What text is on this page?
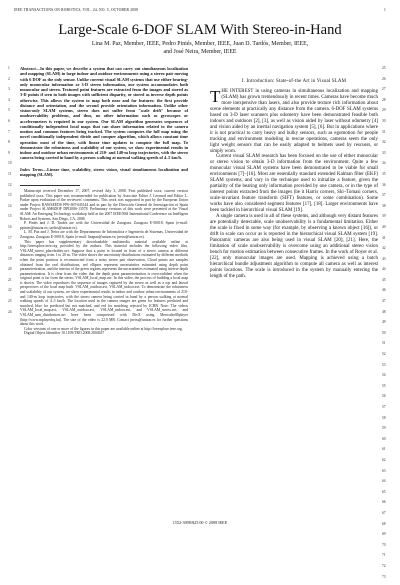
IEEE TRANSACTIONS ON ROBOTICS, VOL. 24, NO. 5, OCTOBER 2008	1
Large-Scale 6-DOF SLAM With Stereo-in-Hand
Lina M. Paz, Member, IEEE, Pedro Piniés, Member, IEEE, Juan D. Tardós, Member, IEEE,
and José Neira, Member, IEEE
1
2
3
4
5
6
7
8
9
10
11
12
13
14
15
16
17
18
19
20
21
22
23
24
25
26
27
28
29
30
31
32
33
34
35
36
37
38
39
40
41
42
43
44
45
46
47
48
49
50
51
52
53
54
55
56
57
58
59
60
61
62
63
64
65
66
67
68
69
70
71
72
73

Abstract—In this paper, we describe a system that can carry out simultaneous localization and mapping (SLAM) in large indoor and outdoor environments using a stereo pair moving with 6 DOF as the only sensor. Unlike current visual SLAM systems that use either bearing-only monocular information or 3-D stereo information, our system accommodates both monocular and stereo. Textured point features are extracted from the images and stored as 3-D points if seen in both images with sufficient disparity, or stored as inverse depth points otherwise. This allows the system to map both near and far features: the first provide distance and orientation, and the second provide orientation information. Unlike other vision-only SLAM systems, stereo does not suffer from "scale drift" because of unobservability problems, and thus, no other information such as gyroscopes or accelerometers is required in our system. Our SLAM algorithm generates sequences of conditionally independent local maps that can share information related to the camera motion and common features being tracked. The system computes the full map using the novel conditionally independent divide and conquer algorithm, which allows constant time operation most of the time, with linear time updates to compute the full map. To demonstrate the robustness and scalability of our system, we show experimental results in indoor and outdoor urban environments of 210- and 140-m loop trajectories, with the stereo camera being carried in hand by a person walking at normal walking speeds of 4–5 km/h.

Index Terms—Linear time, scalability, stereo vision, visual simultaneous localization and mapping (SLAM).

Manuscript received December 17, 2007; revised July 3, 2008. First published xxxx, current version published xxxx. This paper was recommended for publication by Associate Editor J. Leonard and Editor L. Parker upon evaluation of the reviewers' comments. This work was supported in part by the European Union under Project RAWSEEDS FP6-IST-045144 and in part by the Dirección General de Investigación of Spain under Project SLAM6DOF DPI2006-13578. Preliminary versions of this work were presented at the Visual SLAM: An Emerging Technology workshop held at the 2007 IEEE/RSJ International Conference on Intelligent Robots and Systems, San Diego, CA, 2008.

P. Piniés and J. D. Tardós are with the Universidad de Zaragoza, Zaragoza E-50018, Spain (e-mail: ppinies@unizar.es; tardos@unizar.es).

L. M. Paz and J. Neira are with the Departamento de Informática e Ingeniería de Sistemas, Universidad de Zaragoza, Zaragoza E-50018, Spain (e-mail: linapaz@unizar.es; jneira@unizar.es).

This paper has supplementary downloadable multimedia material available online at http://ieeexplore.ieee.org provided by the authors. This material includes the following video files. VSLAM_stereo_placeholder.avi: Suppose that a point is located in front of a stereo camera at different distances ranging from 1 to 20 m. The video shows the uncertainty distributions estimated by different methods when the point position is reconstructed from a noisy stereo pair observation. Cloud points are samples obtained from the real distributions, red ellipses represent uncertainties estimated using depth point parameterization, and the interior of the green regions represents the uncertainties estimated using inverse depth parameterization. It is clear from the video that the depth point parameterization is overconfident when the original point is far from the stereo. VSLAM_local_map.avi: In this video, the process of building a local map is shown. The video reproduces the sequence of images captured by the stereo as well as a top and lateral perspectives of the local map built. VSLAM_outdoor.avi, VSLAM_indoor.avi: To demonstrate the robustness and scalability of our system, we show experimental results in indoor and outdoor urban environments of 210- and 140-m loop trajectories, with the stereo camera being carried in hand by a person walking at normal walking speeds of 4–5 km/h. The location used in the camera images are green for features predicted and matched, blue for predicted but not matched, and red for matching rejected by JCBB. Note: The videos VSLAM_local_map.avi, VSLAM_outdoor.avi, VSLAM_indoor.avi, and VSLAM_stereo.avi, and VSLAM_mm_distribution.avi have been compressed with DivX using MencoderMplayer (http://www.mplayerhq.hu). The size of the video is 22.0 MB. Contact jneira@unizar.es for further questions about this work.

Color versions of one or more of the figures in this paper are available online at http://ieeexplore.ieee.org.

Digital Object Identifier 10.1109/TRO.2008.2004637

I. Introduction: State-of-the Art in Visual SLAM

THE INTEREST in using cameras in simultaneous localization and mapping (SLAM) has grown tremendously in recent times. Cameras have become much more inexpensive than lasers, and also provide texture rich information about scene elements at practically any distance from the camera. 6-DOF SLAM systems based on 3-D laser scanners plus odometry have been demonstrated feasible both indoors and outdoors [2], [3], as well as vision aided by laser without odometry [4] and vision aided by an inertial navigation system [5], [6]. But in applications where it is not practical to carry heavy and bulky sensors, such as egomotion for people tracking and environment modeling in rescue operations, cameras seem the only light weight sensors that can be easily adapted to helmets used by rescuers, or simply worn.

Current visual SLAM research has been focused on the use of either monocular or stereo vision to obtain 3-D information from the environment. Quite a few monocular visual SLAM systems have been demonstrated to be viable for small environments [7]–[16]. Most are essentially standard extended Kalman filter (EKF) SLAM systems, and vary in the technique used to initialize a feature, given the partiality of the bearing only information provided by one camera, or in the type of interest points extracted from the images (be it Harris corners, Shi–Tomasi corners, scale-invariant feature transform (SIFT) features, or some combination). Some works have also considered segment features [17], [18]. Larger environments have been tackled in hierarchical visual SLAM [19].

A single camera is used in all of these systems, and although very distant features are potentially detectable, scale unobservability is a fundamental limitation. Either the scale is fixed in some way (for example, by observing a known object [16]), or drift in scale can occur as is reported in the hierarchical visual SLAM system [19]. Panoramic cameras are also being used in visual SLAM [20], [21]. Here, the limitation of scale unobservability is overcome using an additional stereo vision bench for motion estimation between consecutive frames. In the work of Royer et al. [22], only monocular images are used. Mapping is achieved using a batch hierarchical bundle adjustment algorithm to compute all camera as well as interest points locations. The scale is introduced in the system by manually entering the length of the path.

1552-3098/$25.00 © 2008 IEEE
